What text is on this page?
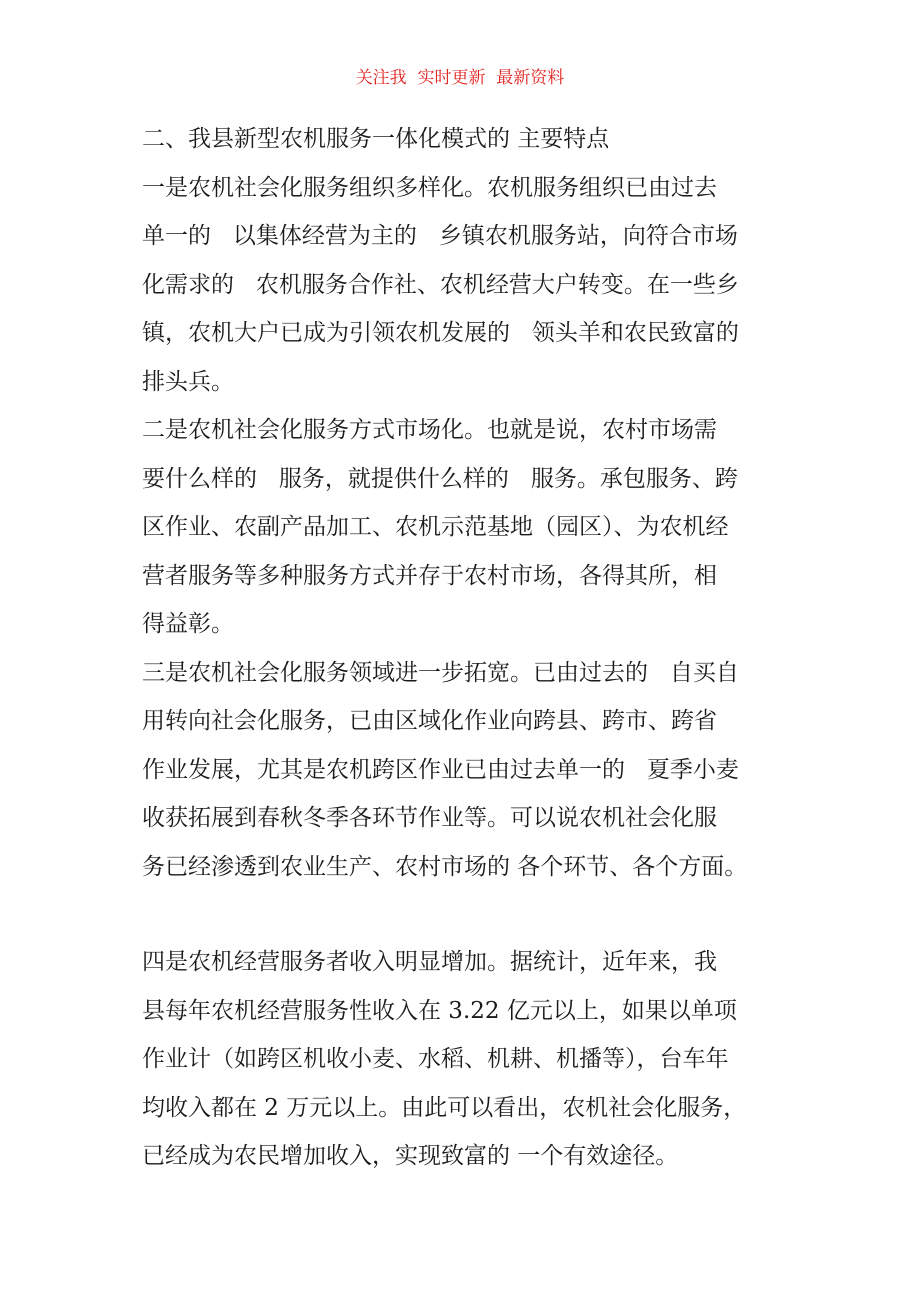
关注我  实时更新  最新资料
二、我县新型农机服务一体化模式的 主要特点
一是农机社会化服务组织多样化。农机服务组织已由过去
单一的   以集体经营为主的   乡镇农机服务站，向符合市场
化需求的   农机服务合作社、农机经营大户转变。在一些乡
镇，农机大户已成为引领农机发展的   领头羊和农民致富的
排头兵。
二是农机社会化服务方式市场化。也就是说，农村市场需
要什么样的   服务，就提供什么样的   服务。承包服务、跨
区作业、农副产品加工、农机示范基地（园区）、为农机经
营者服务等多种服务方式并存于农村市场，各得其所，相
得益彰。
三是农机社会化服务领域进一步拓宽。已由过去的   自买自
用转向社会化服务，已由区域化作业向跨县、跨市、跨省
作业发展，尤其是农机跨区作业已由过去单一的   夏季小麦
收获拓展到春秋冬季各环节作业等。可以说农机社会化服
务已经渗透到农业生产、农村市场的 各个环节、各个方面。
四是农机经营服务者收入明显增加。据统计，近年来，我
县每年农机经营服务性收入在 3.22 亿元以上，如果以单项
作业计（如跨区机收小麦、水稻、机耕、机播等），台车年
均收入都在 2 万元以上。由此可以看出，农机社会化服务，
已经成为农民增加收入，实现致富的 一个有效途径。
